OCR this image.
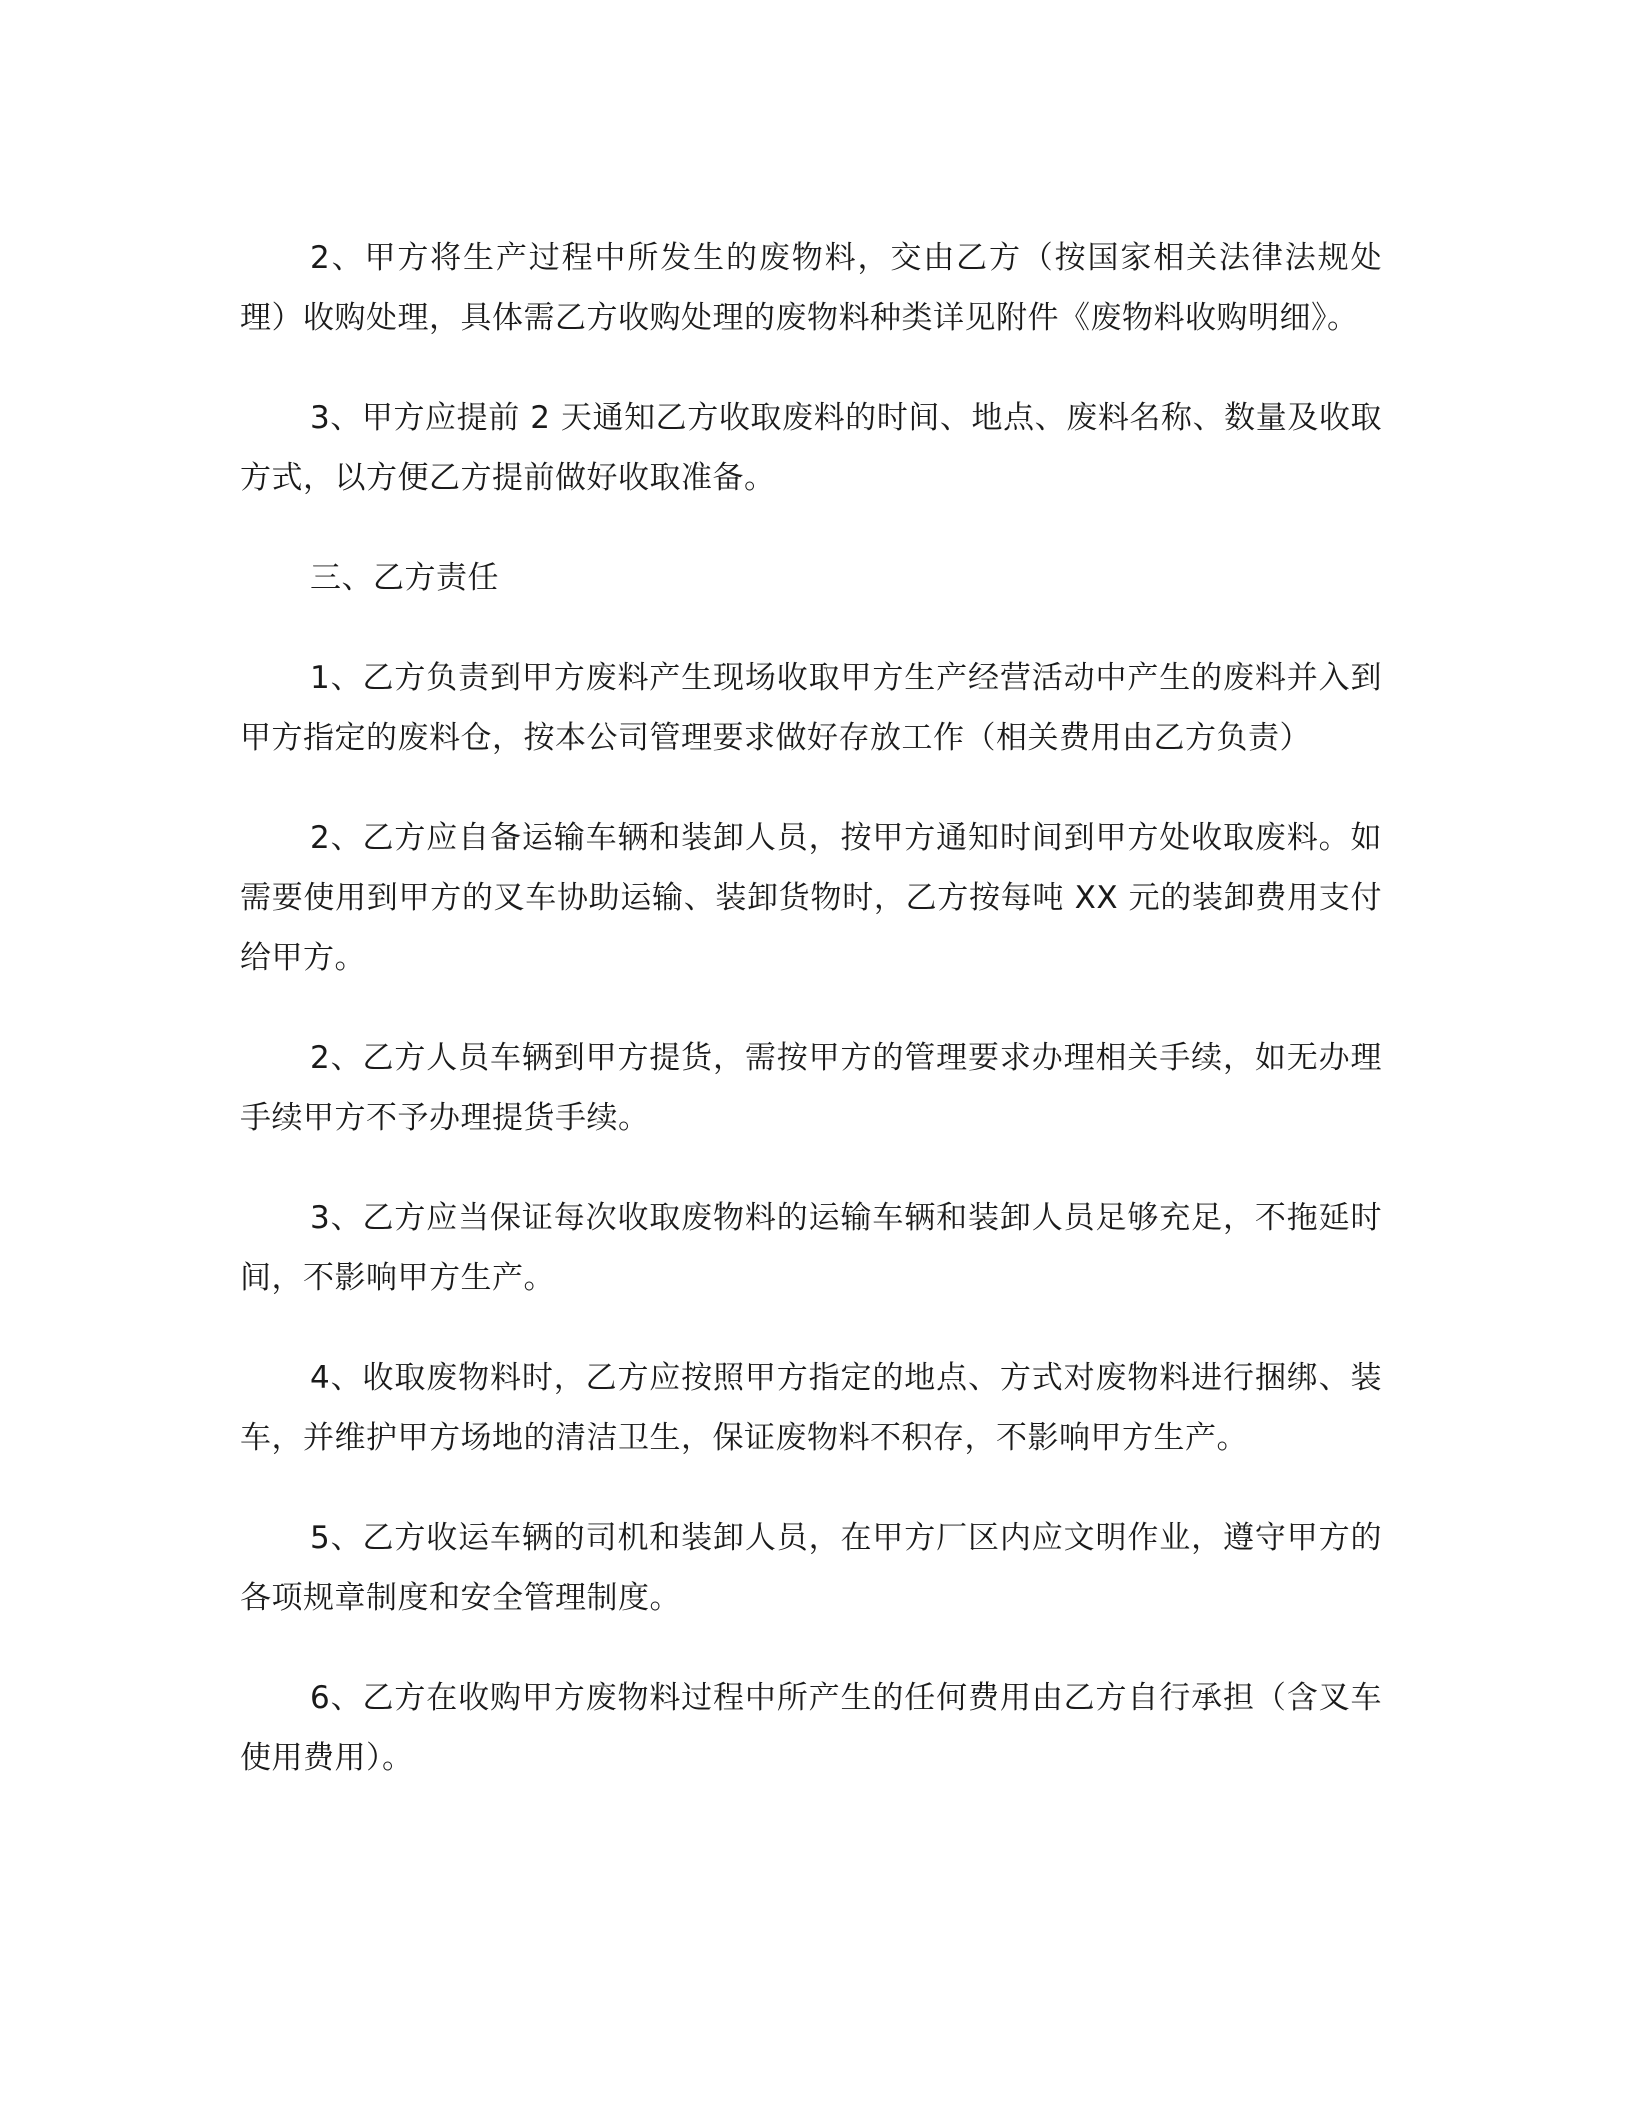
2、甲方将生产过程中所发生的废物料，交由乙方（按国家相关法律法规处理）收购处理，具体需乙方收购处理的废物料种类详见附件《废物料收购明细》。

3、甲方应提前 2 天通知乙方收取废料的时间、地点、废料名称、数量及收取方式，以方便乙方提前做好收取准备。

三、乙方责任

1、乙方负责到甲方废料产生现场收取甲方生产经营活动中产生的废料并入到甲方指定的废料仓，按本公司管理要求做好存放工作（相关费用由乙方负责）

2、乙方应自备运输车辆和装卸人员，按甲方通知时间到甲方处收取废料。如需要使用到甲方的叉车协助运输、装卸货物时，乙方按每吨 XX 元的装卸费用支付给甲方。

2、乙方人员车辆到甲方提货，需按甲方的管理要求办理相关手续，如无办理手续甲方不予办理提货手续。

3、乙方应当保证每次收取废物料的运输车辆和装卸人员足够充足，不拖延时间，不影响甲方生产。

4、收取废物料时，乙方应按照甲方指定的地点、方式对废物料进行捆绑、装车，并维护甲方场地的清洁卫生，保证废物料不积存，不影响甲方生产。

5、乙方收运车辆的司机和装卸人员，在甲方厂区内应文明作业，遵守甲方的各项规章制度和安全管理制度。

6、乙方在收购甲方废物料过程中所产生的任何费用由乙方自行承担（含叉车使用费用）。
